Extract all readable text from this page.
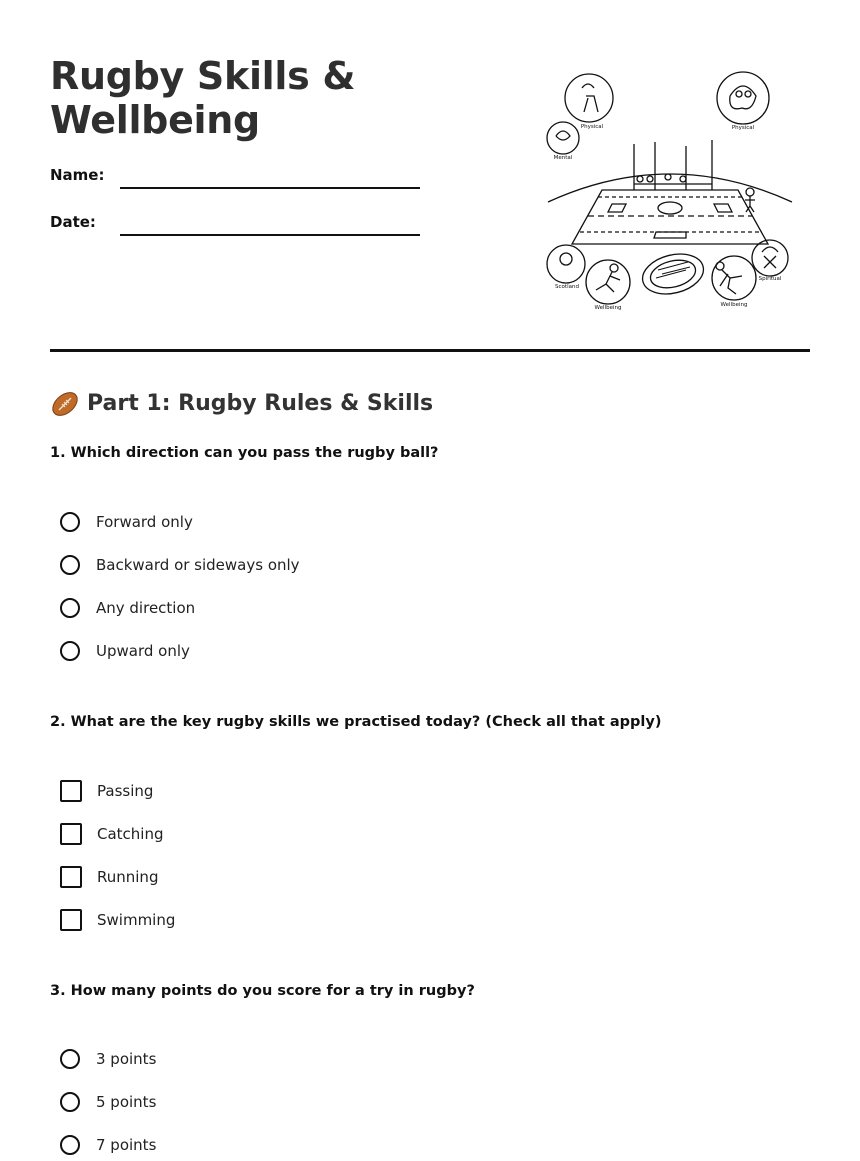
Rugby Skills &
Wellbeing
Name:
Date:
Physical
Mental
Physical
Scotland
Wellbeing	Wellbeing
Spiritual
Part 1: Rugby Rules & Skills

1. Which direction can you pass the rugby ball?

Forward only
Backward or sideways only
Any direction
Upward only

2. What are the key rugby skills we practised today? (Check all that apply)

Passing
Catching
Running
Swimming

3. How many points do you score for a try in rugby?

3 points
5 points
7 points
